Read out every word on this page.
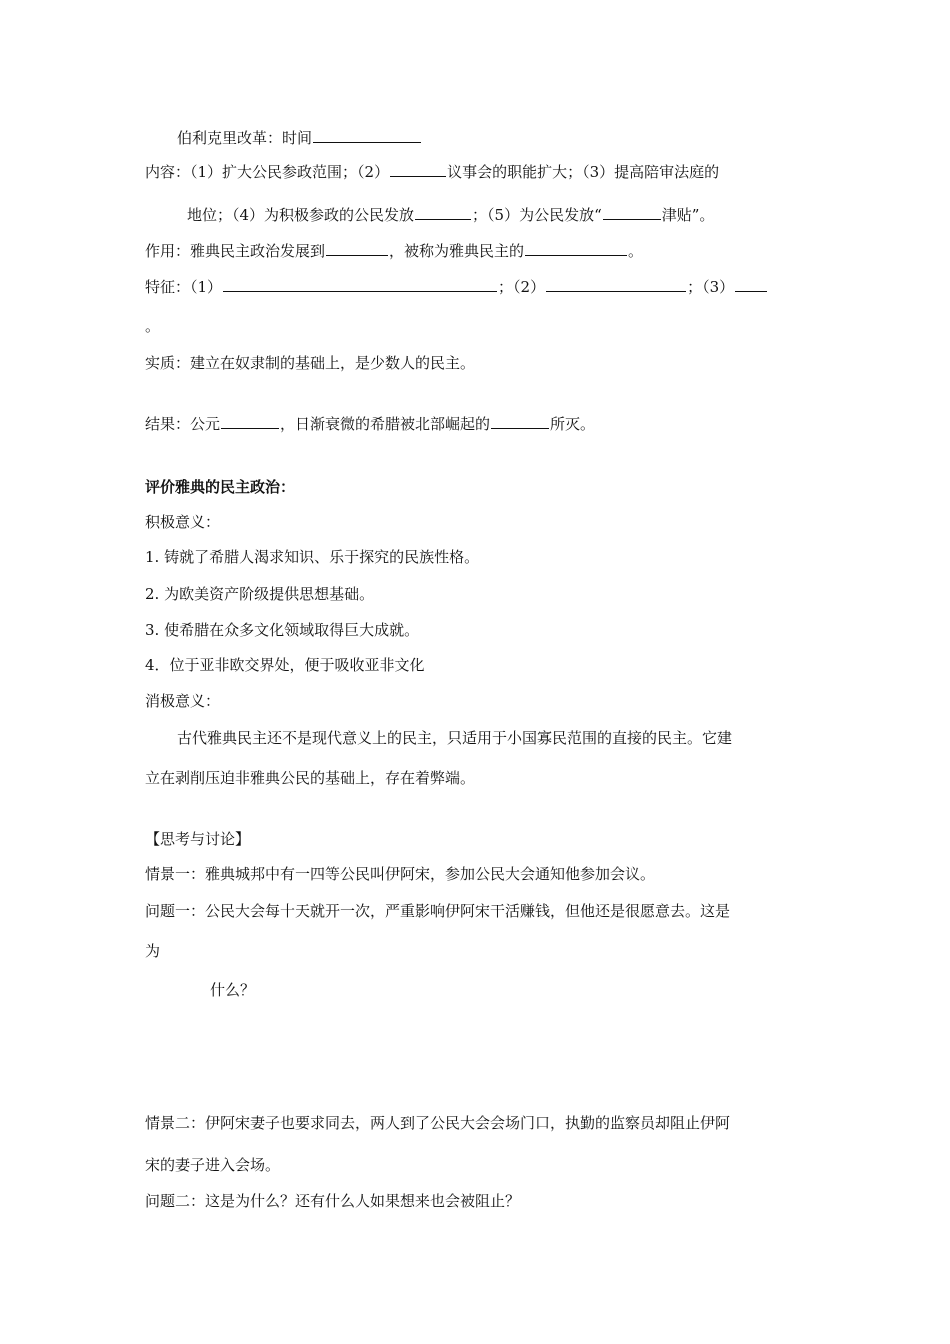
伯利克里改革：时间
内容：（1）扩大公民参政范围；（2）	议事会的职能扩大；（3）提高陪审法庭的
地位；（4）为积极参政的公民发放	；（5）为公民发放“	津贴”。
作用：雅典民主政治发展到	，被称为雅典民主的	。
特征：（1）	；（2）	；（3）
。
实质：建立在奴隶制的基础上，是少数人的民主。
结果：公元	，日渐衰微的希腊被北部崛起的	所灭。
评价雅典的民主政治：
积极意义：
1. 铸就了希腊人渴求知识、乐于探究的民族性格。
2. 为欧美资产阶级提供思想基础。
3. 使希腊在众多文化领域取得巨大成就。
4．位于亚非欧交界处，便于吸收亚非文化
消极意义：
古代雅典民主还不是现代意义上的民主，只适用于小国寡民范围的直接的民主。它建
立在剥削压迫非雅典公民的基础上，存在着弊端。
【思考与讨论】
情景一：雅典城邦中有一四等公民叫伊阿宋，参加公民大会通知他参加会议。
问题一：公民大会每十天就开一次，严重影响伊阿宋干活赚钱，但他还是很愿意去。这是
为
什么？
情景二：伊阿宋妻子也要求同去，两人到了公民大会会场门口，执勤的监察员却阻止伊阿
宋的妻子进入会场。
问题二：这是为什么？还有什么人如果想来也会被阻止？
